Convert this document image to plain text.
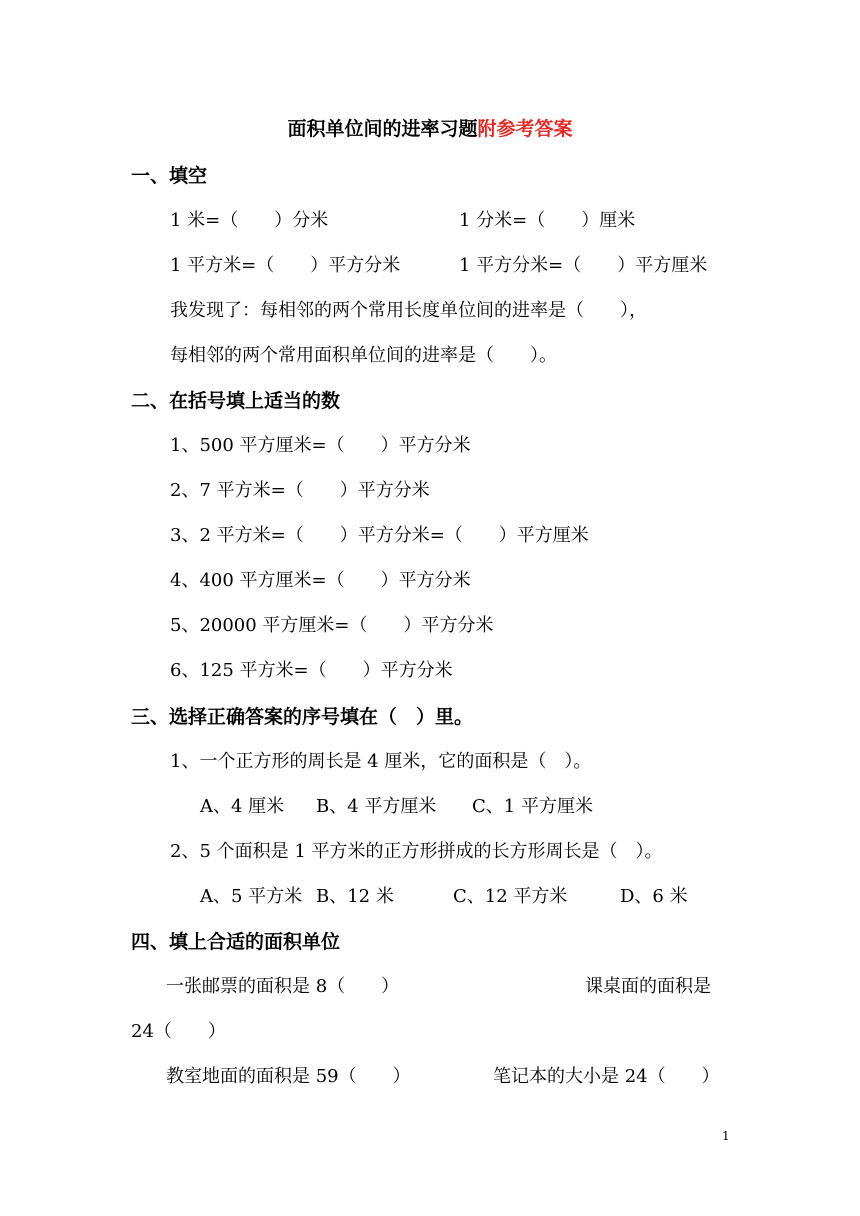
面积单位间的进率习题附参考答案
一、填空
1 米=（　　）分米	1 分米=（　　）厘米
1 平方米=（　　）平方分米	1 平方分米=（　　）平方厘米
我发现了：每相邻的两个常用长度单位间的进率是（　　），
每相邻的两个常用面积单位间的进率是（　　）。
二、在括号填上适当的数
1、500 平方厘米=（　　）平方分米
2、7 平方米=（　　）平方分米
3、2 平方米=（　　）平方分米=（　　）平方厘米
4、400 平方厘米=（　　）平方分米
5、20000 平方厘米=（　　）平方分米
6、125 平方米=（　　）平方分米
三、选择正确答案的序号填在（　）里。
1、一个正方形的周长是 4 厘米，它的面积是（　）。
A、4 厘米 B、4 平方厘米 C、1 平方厘米
2、5 个面积是 1 平方米的正方形拼成的长方形周长是（　）。
A、5 平方米 B、12 米	C、12 平方米	D、6 米
四、填上合适的面积单位
一张邮票的面积是 8（　　）	课桌面的面积是
24（　　）
教室地面的面积是 59（　　）	笔记本的大小是 24（　　）
1
